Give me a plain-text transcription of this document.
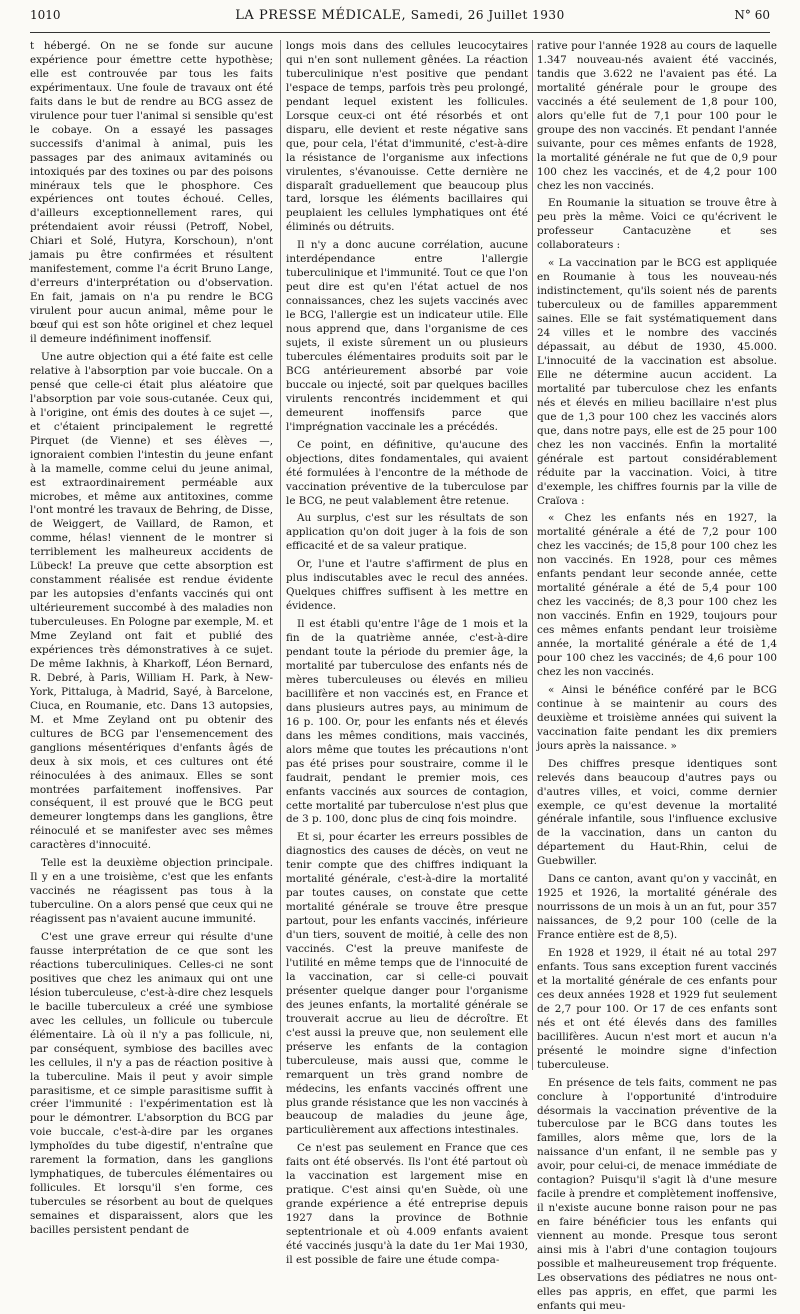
1010	LA PRESSE MÉDICALE, Samedi, 26 Juillet 1930	N° 60

t hébergé. On ne se fonde sur aucune expérience pour émettre cette hypothèse; elle est controuvée par tous les faits expérimentaux. Une foule de travaux ont été faits dans le but de rendre au BCG assez de virulence pour tuer l'animal si sensible qu'est le cobaye. On a essayé les passages successifs d'animal à animal, puis les passages par des animaux avitaminés ou intoxiqués par des toxines ou par des poisons minéraux tels que le phosphore. Ces expériences ont toutes échoué. Celles, d'ailleurs exceptionnellement rares, qui prétendaient avoir réussi (Petroff, Nobel, Chiari et Solé, Hutyra, Korschoun), n'ont jamais pu être confirmées et résultent manifestement, comme l'a écrit Bruno Lange, d'erreurs d'interprétation ou d'observation. En fait, jamais on n'a pu rendre le BCG virulent pour aucun animal, même pour le bœuf qui est son hôte originel et chez lequel il demeure indéfiniment inoffensif.

Une autre objection qui a été faite est celle relative à l'absorption par voie buccale. On a pensé que celle-ci était plus aléatoire que l'absorption par voie sous-cutanée. Ceux qui, à l'origine, ont émis des doutes à ce sujet —, et c'étaient principalement le regretté Pirquet (de Vienne) et ses élèves —, ignoraient combien l'intestin du jeune enfant à la mamelle, comme celui du jeune animal, est extraordinairement perméable aux microbes, et même aux antitoxines, comme l'ont montré les travaux de Behring, de Disse, de Weiggert, de Vaillard, de Ramon, et comme, hélas! viennent de le montrer si terriblement les malheureux accidents de Lübeck! La preuve que cette absorption est constamment réalisée est rendue évidente par les autopsies d'enfants vaccinés qui ont ultérieurement succombé à des maladies non tuberculeuses. En Pologne par exemple, M. et Mme Zeyland ont fait et publié des expériences très démonstratives à ce sujet. De même Iakhnis, à Kharkoff, Léon Bernard, R. Debré, à Paris, William H. Park, à New-York, Pittaluga, à Madrid, Sayé, à Barcelone, Ciuca, en Roumanie, etc. Dans 13 autopsies, M. et Mme Zeyland ont pu obtenir des cultures de BCG par l'ensemencement des ganglions mésentériques d'enfants âgés de deux à six mois, et ces cultures ont été réinoculées à des animaux. Elles se sont montrées parfaitement inoffensives. Par conséquent, il est prouvé que le BCG peut demeurer longtemps dans les ganglions, être réinoculé et se manifester avec ses mêmes caractères d'innocuité.

Telle est la deuxième objection principale. Il y en a une troisième, c'est que les enfants vaccinés ne réagissent pas tous à la tuberculine. On a alors pensé que ceux qui ne réagissent pas n'avaient aucune immunité.

C'est une grave erreur qui résulte d'une fausse interprétation de ce que sont les réactions tuberculiniques. Celles-ci ne sont positives que chez les animaux qui ont une lésion tuberculeuse, c'est-à-dire chez lesquels le bacille tuberculeux a créé une symbiose avec les cellules, un follicule ou tubercule élémentaire. Là où il n'y a pas follicule, ni, par conséquent, symbiose des bacilles avec les cellules, il n'y a pas de réaction positive à la tuberculine. Mais il peut y avoir simple parasitisme, et ce simple parasitisme suffit à créer l'immunité : l'expérimentation est là pour le démontrer. L'absorption du BCG par voie buccale, c'est-à-dire par les organes lymphoïdes du tube digestif, n'entraîne que rarement la formation, dans les ganglions lymphatiques, de tubercules élémentaires ou follicules. Et lorsqu'il s'en forme, ces tubercules se résorbent au bout de quelques semaines et disparaissent, alors que les bacilles persistent pendant de

longs mois dans des cellules leucocytaires qui n'en sont nullement gênées. La réaction tuberculinique n'est positive que pendant l'espace de temps, parfois très peu prolongé, pendant lequel existent les follicules. Lorsque ceux-ci ont été résorbés et ont disparu, elle devient et reste négative sans que, pour cela, l'état d'immunité, c'est-à-dire la résistance de l'organisme aux infections virulentes, s'évanouisse. Cette dernière ne disparaît graduellement que beaucoup plus tard, lorsque les éléments bacillaires qui peuplaient les cellules lymphatiques ont été éliminés ou détruits.

Il n'y a donc aucune corrélation, aucune interdépendance entre l'allergie tuberculinique et l'immunité. Tout ce que l'on peut dire est qu'en l'état actuel de nos connaissances, chez les sujets vaccinés avec le BCG, l'allergie est un indicateur utile. Elle nous apprend que, dans l'organisme de ces sujets, il existe sûrement un ou plusieurs tubercules élémentaires produits soit par le BCG antérieurement absorbé par voie buccale ou injecté, soit par quelques bacilles virulents rencontrés incidemment et qui demeurent inoffensifs parce que l'imprégnation vaccinale les a précédés.

Ce point, en définitive, qu'aucune des objections, dites fondamentales, qui avaient été formulées à l'encontre de la méthode de vaccination préventive de la tuberculose par le BCG, ne peut valablement être retenue.

Au surplus, c'est sur les résultats de son application qu'on doit juger à la fois de son efficacité et de sa valeur pratique.

Or, l'une et l'autre s'affirment de plus en plus indiscutables avec le recul des années. Quelques chiffres suffisent à les mettre en évidence.

Il est établi qu'entre l'âge de 1 mois et la fin de la quatrième année, c'est-à-dire pendant toute la période du premier âge, la mortalité par tuberculose des enfants nés de mères tuberculeuses ou élevés en milieu bacillifère et non vaccinés est, en France et dans plusieurs autres pays, au minimum de 16 p. 100. Or, pour les enfants nés et élevés dans les mêmes conditions, mais vaccinés, alors même que toutes les précautions n'ont pas été prises pour soustraire, comme il le faudrait, pendant le premier mois, ces enfants vaccinés aux sources de contagion, cette mortalité par tuberculose n'est plus que de 3 p. 100, donc plus de cinq fois moindre.

Et si, pour écarter les erreurs possibles de diagnostics des causes de décès, on veut ne tenir compte que des chiffres indiquant la mortalité générale, c'est-à-dire la mortalité par toutes causes, on constate que cette mortalité générale se trouve être presque partout, pour les enfants vaccinés, inférieure d'un tiers, souvent de moitié, à celle des non vaccinés. C'est la preuve manifeste de l'utilité en même temps que de l'innocuité de la vaccination, car si celle-ci pouvait présenter quelque danger pour l'organisme des jeunes enfants, la mortalité générale se trouverait accrue au lieu de décroître. Et c'est aussi la preuve que, non seulement elle préserve les enfants de la contagion tuberculeuse, mais aussi que, comme le remarquent un très grand nombre de médecins, les enfants vaccinés offrent une plus grande résistance que les non vaccinés à beaucoup de maladies du jeune âge, particulièrement aux affections intestinales.

Ce n'est pas seulement en France que ces faits ont été observés. Ils l'ont été partout où la vaccination est largement mise en pratique. C'est ainsi qu'en Suède, où une grande expérience a été entreprise depuis 1927 dans la province de Bothnie septentrionale et où 4.009 enfants avaient été vaccinés jusqu'à la date du 1er Mai 1930, il est possible de faire une étude compa-

rative pour l'année 1928 au cours de laquelle 1.347 nouveau-nés avaient été vaccinés, tandis que 3.622 ne l'avaient pas été. La mortalité générale pour le groupe des vaccinés a été seulement de 1,8 pour 100, alors qu'elle fut de 7,1 pour 100 pour le groupe des non vaccinés. Et pendant l'année suivante, pour ces mêmes enfants de 1928, la mortalité générale ne fut que de 0,9 pour 100 chez les vaccinés, et de 4,2 pour 100 chez les non vaccinés.

En Roumanie la situation se trouve être à peu près la même. Voici ce qu'écrivent le professeur Cantacuzène et ses collaborateurs :

« La vaccination par le BCG est appliquée en Roumanie à tous les nouveau-nés indistinctement, qu'ils soient nés de parents tuberculeux ou de familles apparemment saines. Elle se fait systématiquement dans 24 villes et le nombre des vaccinés dépassait, au début de 1930, 45.000. L'innocuité de la vaccination est absolue. Elle ne détermine aucun accident. La mortalité par tuberculose chez les enfants nés et élevés en milieu bacillaire n'est plus que de 1,3 pour 100 chez les vaccinés alors que, dans notre pays, elle est de 25 pour 100 chez les non vaccinés. Enfin la mortalité générale est partout considérablement réduite par la vaccination. Voici, à titre d'exemple, les chiffres fournis par la ville de Craïova :

« Chez les enfants nés en 1927, la mortalité générale a été de 7,2 pour 100 chez les vaccinés; de 15,8 pour 100 chez les non vaccinés. En 1928, pour ces mêmes enfants pendant leur seconde année, cette mortalité générale a été de 5,4 pour 100 chez les vaccinés; de 8,3 pour 100 chez les non vaccinés. Enfin en 1929, toujours pour ces mêmes enfants pendant leur troisième année, la mortalité générale a été de 1,4 pour 100 chez les vaccinés; de 4,6 pour 100 chez les non vaccinés.

« Ainsi le bénéfice conféré par le BCG continue à se maintenir au cours des deuxième et troisième années qui suivent la vaccination faite pendant les dix premiers jours après la naissance. »

Des chiffres presque identiques sont relevés dans beaucoup d'autres pays ou d'autres villes, et voici, comme dernier exemple, ce qu'est devenue la mortalité générale infantile, sous l'influence exclusive de la vaccination, dans un canton du département du Haut-Rhin, celui de Guebwiller.

Dans ce canton, avant qu'on y vaccinât, en 1925 et 1926, la mortalité générale des nourrissons de un mois à un an fut, pour 357 naissances, de 9,2 pour 100 (celle de la France entière est de 8,5).

En 1928 et 1929, il était né au total 297 enfants. Tous sans exception furent vaccinés et la mortalité générale de ces enfants pour ces deux années 1928 et 1929 fut seulement de 2,7 pour 100. Or 17 de ces enfants sont nés et ont été élevés dans des familles bacillifères. Aucun n'est mort et aucun n'a présenté le moindre signe d'infection tuberculeuse.

En présence de tels faits, comment ne pas conclure à l'opportunité d'introduire désormais la vaccination préventive de la tuberculose par le BCG dans toutes les familles, alors même que, lors de la naissance d'un enfant, il ne semble pas y avoir, pour celui-ci, de menace immédiate de contagion? Puisqu'il s'agit là d'une mesure facile à prendre et complètement inoffensive, il n'existe aucune bonne raison pour ne pas en faire bénéficier tous les enfants qui viennent au monde. Presque tous seront ainsi mis à l'abri d'une contagion toujours possible et malheureusement trop fréquente. Les observations des pédiatres ne nous ont-elles pas appris, en effet, que parmi les enfants qui meu-
